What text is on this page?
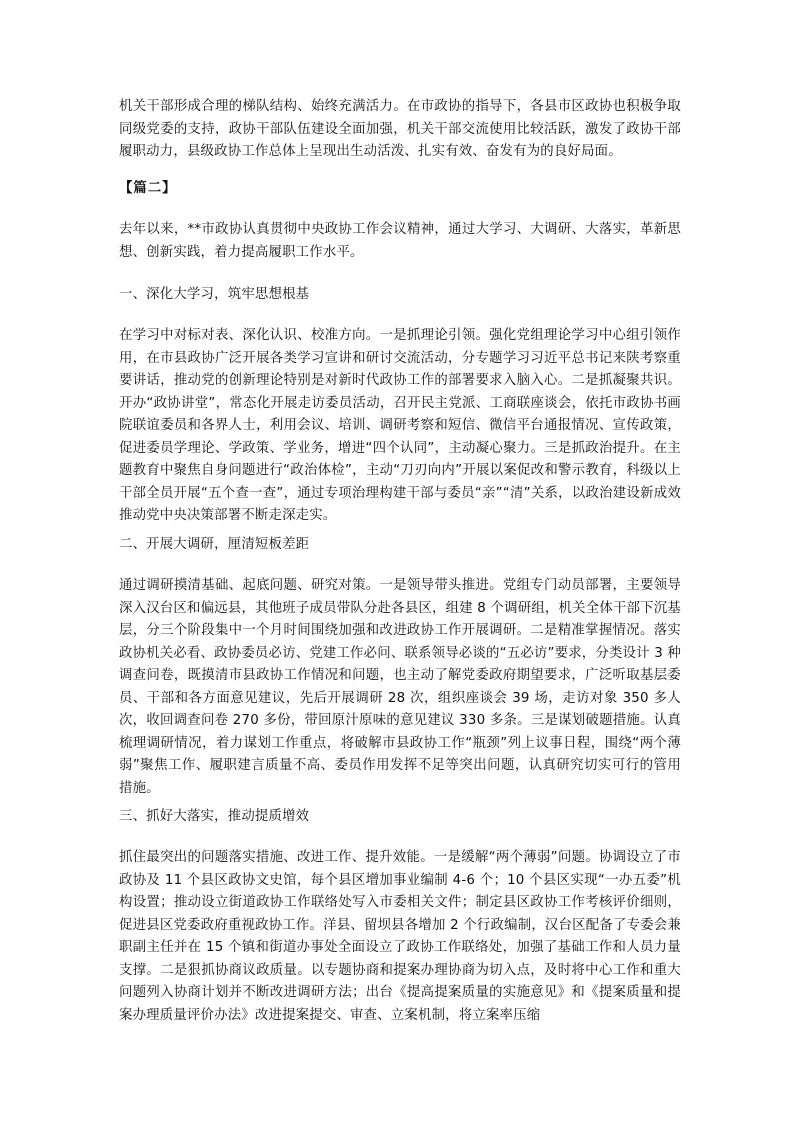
机关干部形成合理的梯队结构、始终充满活力。在市政协的指导下，各县市区政协也积极争取同级党委的支持，政协干部队伍建设全面加强，机关干部交流使用比较活跃，激发了政协干部履职动力，县级政协工作总体上呈现出生动活泼、扎实有效、奋发有为的良好局面。
【篇二】
去年以来，**市政协认真贯彻中央政协工作会议精神，通过大学习、大调研、大落实，革新思想、创新实践，着力提高履职工作水平。
一、深化大学习，筑牢思想根基
在学习中对标对表、深化认识、校准方向。一是抓理论引领。强化党组理论学习中心组引领作用，在市县政协广泛开展各类学习宣讲和研讨交流活动，分专题学习习近平总书记来陕考察重要讲话，推动党的创新理论特别是对新时代政协工作的部署要求入脑入心。二是抓凝聚共识。开办“政协讲堂”，常态化开展走访委员活动，召开民主党派、工商联座谈会，依托市政协书画院联谊委员和各界人士，利用会议、培训、调研考察和短信、微信平台通报情况、宣传政策，促进委员学理论、学政策、学业务，增进“四个认同”，主动凝心聚力。三是抓政治提升。在主题教育中聚焦自身问题进行“政治体检”，主动“刀刃向内”开展以案促改和警示教育，科级以上干部全员开展“五个查一查”，通过专项治理构建干部与委员“亲”“清”关系，以政治建设新成效推动党中央决策部署不断走深走实。
二、开展大调研，厘清短板差距
通过调研摸清基础、起底问题、研究对策。一是领导带头推进。党组专门动员部署，主要领导深入汉台区和偏远县，其他班子成员带队分赴各县区，组建 8 个调研组，机关全体干部下沉基层，分三个阶段集中一个月时间围绕加强和改进政协工作开展调研。二是精准掌握情况。落实政协机关必看、政协委员必访、党建工作必问、联系领导必谈的“五必访”要求，分类设计 3 种调查问卷，既摸清市县政协工作情况和问题，也主动了解党委政府期望要求，广泛听取基层委员、干部和各方面意见建议，先后开展调研 28 次，组织座谈会 39 场，走访对象 350 多人次，收回调查问卷 270 多份，带回原汁原味的意见建议 330 多条。三是谋划破题措施。认真梳理调研情况，着力谋划工作重点，将破解市县政协工作“瓶颈”列上议事日程，围绕“两个薄弱”聚焦工作、履职建言质量不高、委员作用发挥不足等突出问题，认真研究切实可行的管用措施。
三、抓好大落实，推动提质增效
抓住最突出的问题落实措施、改进工作、提升效能。一是缓解“两个薄弱”问题。协调设立了市政协及 11 个县区政协文史馆，每个县区增加事业编制 4-6 个；10 个县区实现“一办五委”机构设置；推动设立街道政协工作联络处写入市委相关文件；制定县区政协工作考核评价细则，促进县区党委政府重视政协工作。洋县、留坝县各增加 2 个行政编制，汉台区配备了专委会兼职副主任并在 15 个镇和街道办事处全面设立了政协工作联络处，加强了基础工作和人员力量支撑。二是狠抓协商议政质量。以专题协商和提案办理协商为切入点，及时将中心工作和重大问题列入协商计划并不断改进调研方法；出台《提高提案质量的实施意见》和《提案质量和提案办理质量评价办法》改进提案提交、审查、立案机制，将立案率压缩
